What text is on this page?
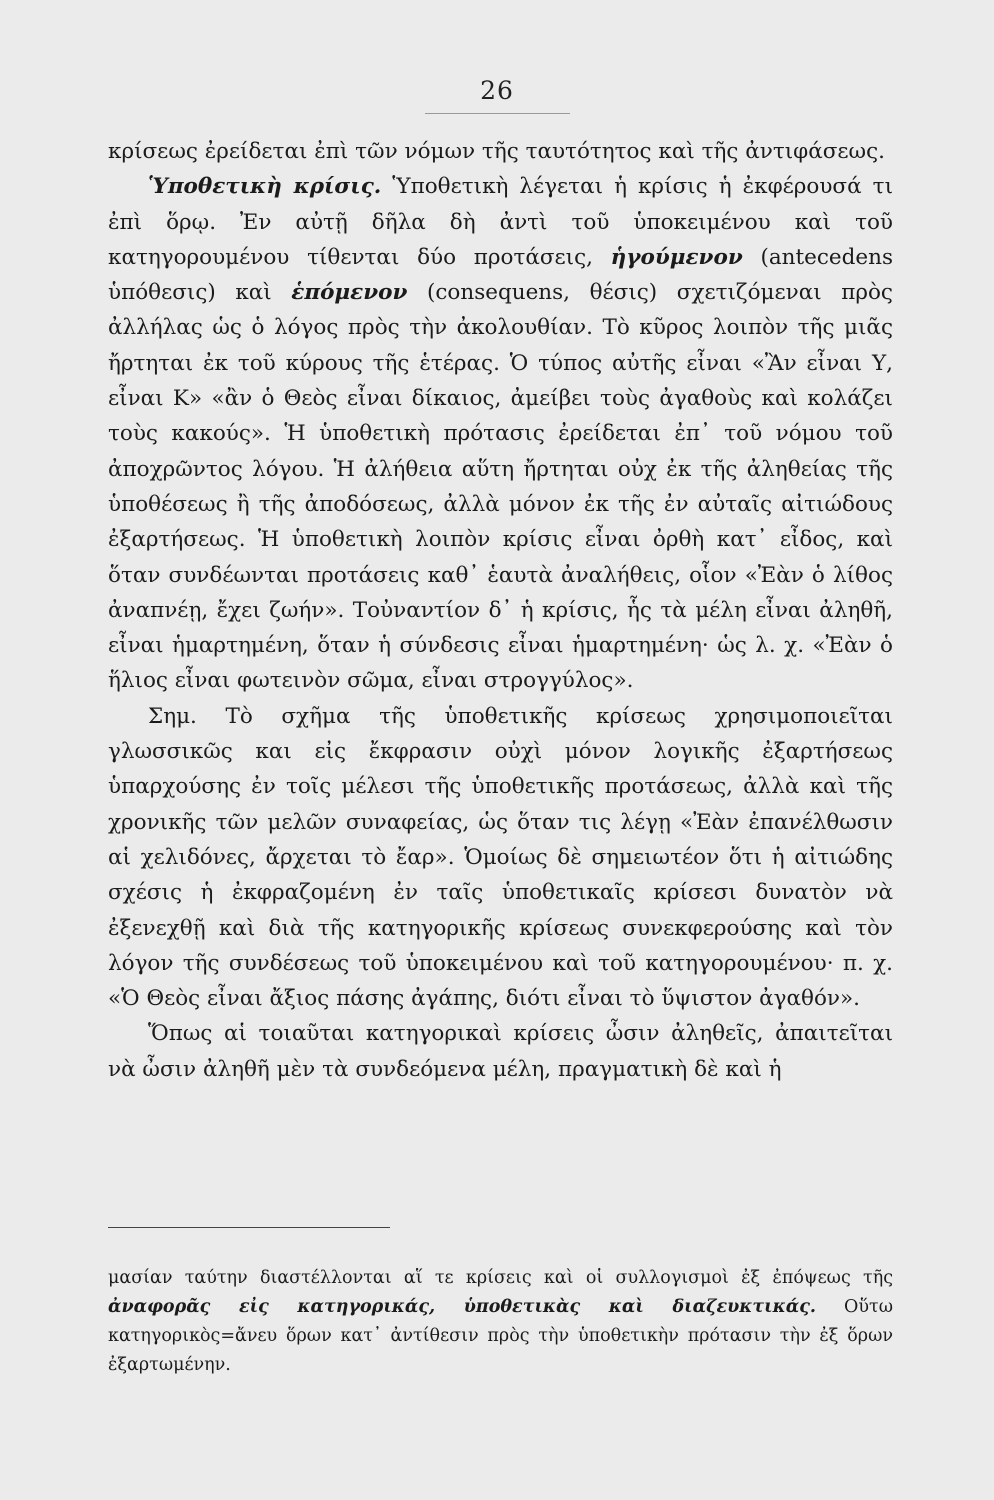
26

κρίσεως ἐρείδεται ἐπὶ τῶν νόμων τῆς ταυτότητος καὶ τῆς ἀντιφάσεως.

Ὑποθετικὴ κρίσις. Ὑποθετικὴ λέγεται ἡ κρίσις ἡ ἐκφέρουσά τι ἐπὶ ὅρῳ. Ἐν αὐτῇ δῆλα δὴ ἀντὶ τοῦ ὑποκειμένου καὶ τοῦ κατηγορουμένου τίθενται δύο προτάσεις, ἡγούμενον (antecedens ὑπόθεσις) καὶ ἑπόμενον (consequens, θέσις) σχετιζόμεναι πρὸς ἀλλήλας ὡς ὁ λόγος πρὸς τὴν ἀκολουθίαν. Τὸ κῦρος λοιπὸν τῆς μιᾶς ἤρτηται ἐκ τοῦ κύρους τῆς ἑτέρας. Ὁ τύπος αὐτῆς εἶναι «Ἂν εἶναι Υ, εἶναι Κ» «ἂν ὁ Θεὸς εἶναι δίκαιος, ἀμείβει τοὺς ἀγαθοὺς καὶ κολάζει τοὺς κακούς». Ἡ ὑποθετικὴ πρότασις ἐρείδεται ἐπ᾽ τοῦ νόμου τοῦ ἀποχρῶντος λόγου. Ἡ ἀλήθεια αὕτη ἤρτηται οὐχ ἐκ τῆς ἀληθείας τῆς ὑποθέσεως ἢ τῆς ἀποδόσεως, ἀλλὰ μόνον ἐκ τῆς ἐν αὐταῖς αἰτιώδους ἐξαρτήσεως. Ἡ ὑποθετικὴ λοιπὸν κρίσις εἶναι ὀρθὴ κατ᾽ εἶδος, καὶ ὅταν συνδέωνται προτάσεις καθ᾽ ἑαυτὰ ἀναλήθεις, οἷον «Ἐὰν ὁ λίθος ἀναπνέῃ, ἔχει ζωήν». Τοὐναντίον δ᾽ ἡ κρίσις, ἧς τὰ μέλη εἶναι ἀληθῆ, εἶναι ἡμαρτημένη, ὅταν ἡ σύνδεσις εἶναι ἡμαρτημένη· ὡς λ. χ. «Ἐὰν ὁ ἥλιος εἶναι φωτεινὸν σῶμα, εἶναι στρογγύλος».

Σημ. Τὸ σχῆμα τῆς ὑποθετικῆς κρίσεως χρησιμοποιεῖται γλωσσικῶς και εἰς ἔκφρασιν οὐχὶ μόνον λογικῆς ἐξαρτήσεως ὑπαρχούσης ἐν τοῖς μέλεσι τῆς ὑποθετικῆς προτάσεως, ἀλλὰ καὶ τῆς χρονικῆς τῶν μελῶν συναφείας, ὡς ὅταν τις λέγῃ «Ἐὰν ἐπανέλθωσιν αἱ χελιδόνες, ἄρχεται τὸ ἔαρ». Ὁμοίως δὲ σημειωτέον ὅτι ἡ αἰτιώδης σχέσις ἡ ἐκφραζομένη ἐν ταῖς ὑποθετικαῖς κρίσεσι δυνατὸν νὰ ἐξενεχθῇ καὶ διὰ τῆς κατηγορικῆς κρίσεως συνεκφερούσης καὶ τὸν λόγον τῆς συνδέσεως τοῦ ὑποκειμένου καὶ τοῦ κατηγορουμένου· π. χ. «Ὁ Θεὸς εἶναι ἄξιος πάσης ἀγάπης, διότι εἶναι τὸ ὕψιστον ἀγαθόν».

Ὅπως αἱ τοιαῦται κατηγορικαὶ κρίσεις ὦσιν ἀληθεῖς, ἀπαιτεῖται νὰ ὦσιν ἀληθῆ μὲν τὰ συνδεόμενα μέλη, πραγματικὴ δὲ καὶ ἡ

μασίαν ταύτην διαστέλλονται αἵ τε κρίσεις καὶ οἱ συλλογισμοὶ ἐξ ἐπόψεως τῆς ἀναφορᾶς εἰς κατηγορικάς, ὑποθετικὰς καὶ διαζευκτικάς. Οὕτω κατηγορικὸς=ἄνευ ὅρων κατ᾽ ἀντίθεσιν πρὸς τὴν ὑποθετικὴν πρότασιν τὴν ἐξ ὅρων ἐξαρτωμένην.
